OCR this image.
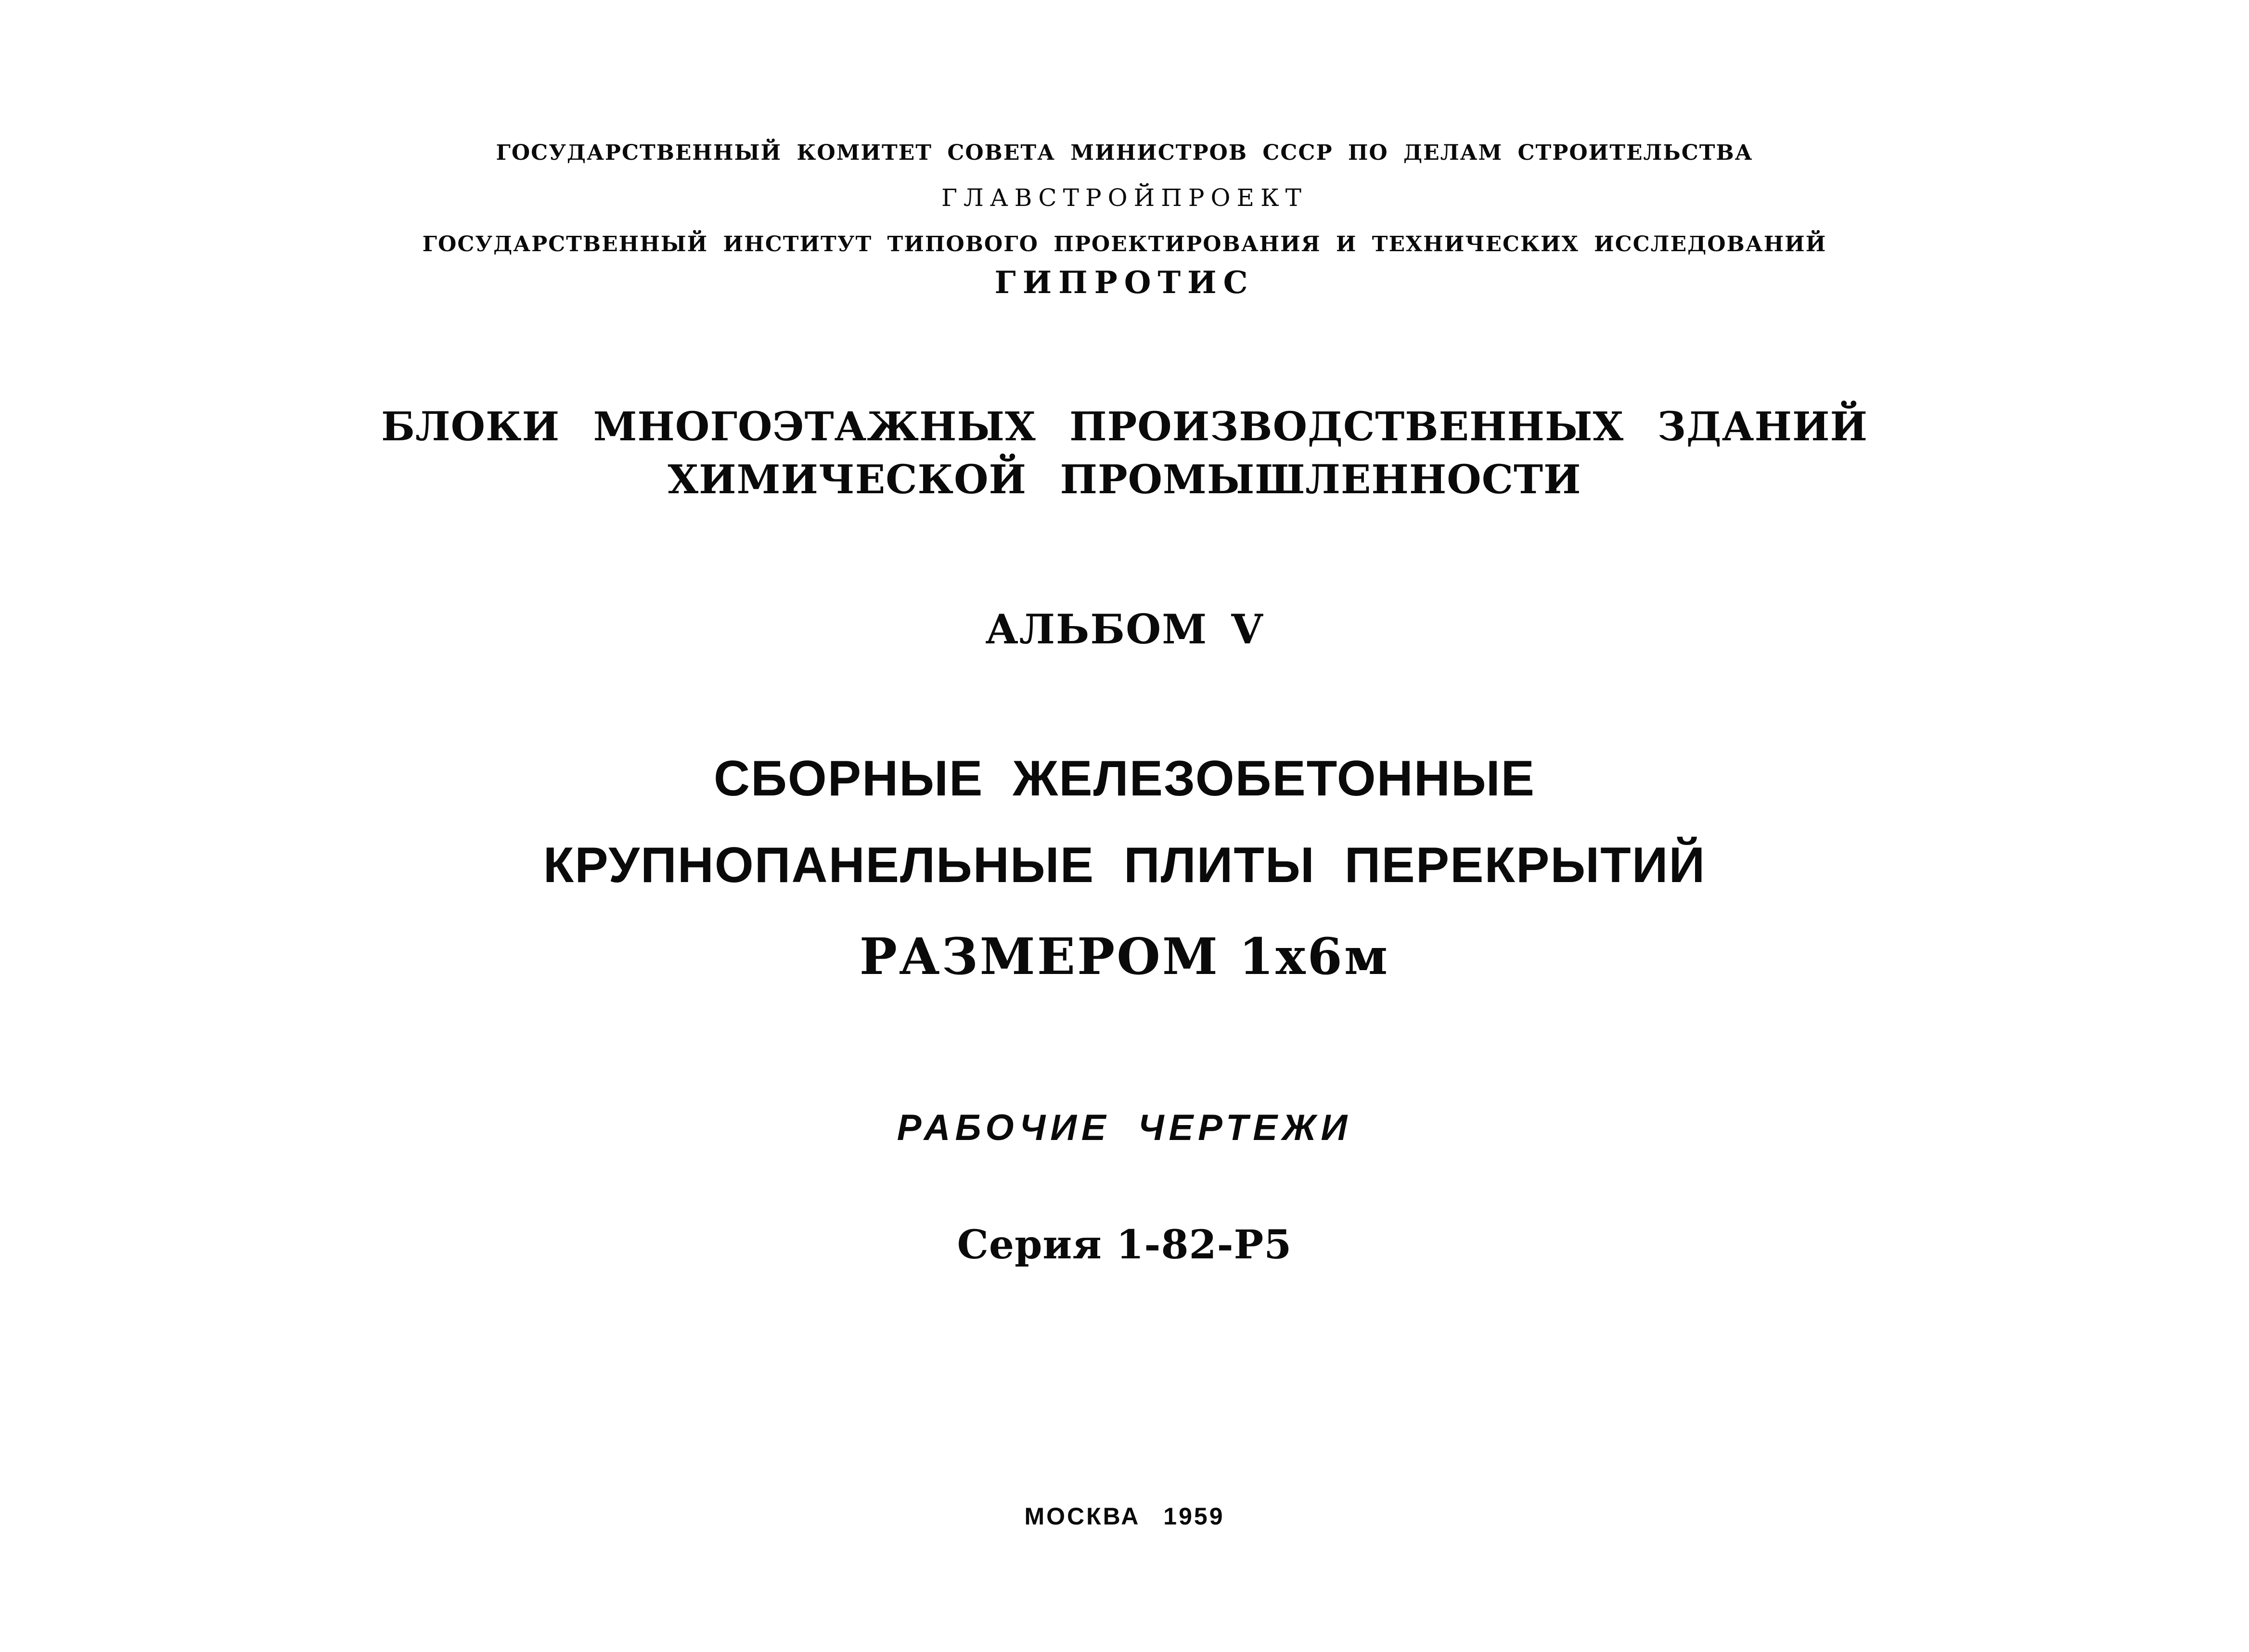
ГОСУДАРСТВЕННЫЙ КОМИТЕТ СОВЕТА МИНИСТРОВ СССР ПО ДЕЛАМ СТРОИТЕЛЬСТВА
ГЛАВСТРОЙПРОЕКТ
ГОСУДАРСТВЕННЫЙ ИНСТИТУТ ТИПОВОГО ПРОЕКТИРОВАНИЯ И ТЕХНИЧЕСКИХ ИССЛЕДОВАНИЙ
ГИПРОТИС
БЛОКИ МНОГОЭТАЖНЫХ ПРОИЗВОДСТВЕННЫХ ЗДАНИЙ
ХИМИЧЕСКОЙ ПРОМЫШЛЕННОСТИ
АЛЬБОМ V
СБОРНЫЕ ЖЕЛЕЗОБЕТОННЫЕ
КРУПНОПАНЕЛЬНЫЕ ПЛИТЫ ПЕРЕКРЫТИЙ
РАЗМЕРОМ 1х6м
РАБОЧИЕ ЧЕРТЕЖИ
Серия 1-82-Р5
МОСКВА 1959
